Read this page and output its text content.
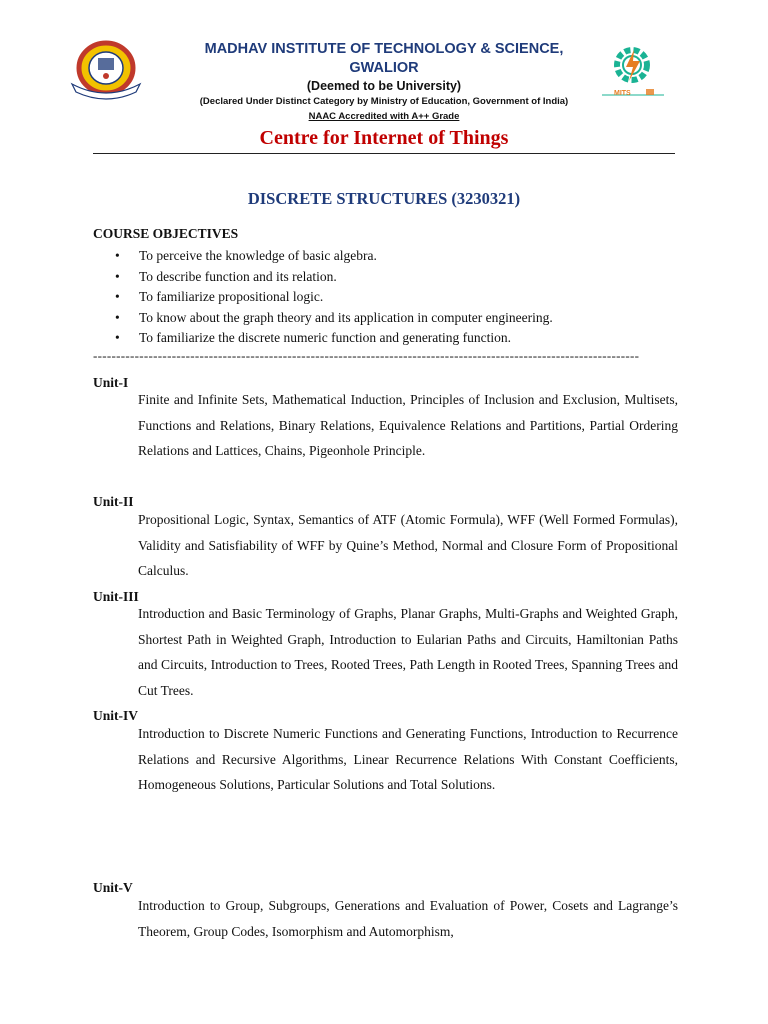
MADHAV INSTITUTE OF TECHNOLOGY & SCIENCE,
GWALIOR
(Deemed to be University)
(Declared Under Distinct Category by Ministry of Education, Government of India)
NAAC Accredited with A++ Grade
MITS
Centre for Internet of Things
DISCRETE STRUCTURES (3230321)
COURSE OBJECTIVES
• To perceive the knowledge of basic algebra.
• To describe function and its relation.
• To familiarize propositional logic.
• To know about the graph theory and its application in computer engineering.
• To familiarize the discrete numeric function and generating function.
----------------------------------------------------------------------------------------------------------------------
Unit-I
Finite and Infinite Sets, Mathematical Induction, Principles of Inclusion and Exclusion, Multisets, Functions and Relations, Binary Relations, Equivalence Relations and Partitions, Partial Ordering Relations and Lattices, Chains, Pigeonhole Principle.
Unit-II
Propositional Logic, Syntax, Semantics of ATF (Atomic Formula), WFF (Well Formed Formulas), Validity and Satisfiability of WFF by Quine’s Method, Normal and Closure Form of Propositional Calculus.
Unit-III
Introduction and Basic Terminology of Graphs, Planar Graphs, Multi-Graphs and Weighted Graph, Shortest Path in Weighted Graph, Introduction to Eularian Paths and Circuits, Hamiltonian Paths and Circuits, Introduction to Trees, Rooted Trees, Path Length in Rooted Trees, Spanning Trees and Cut Trees.
Unit-IV
Introduction to Discrete Numeric Functions and Generating Functions, Introduction to Recurrence Relations and Recursive Algorithms, Linear Recurrence Relations With Constant Coefficients, Homogeneous Solutions, Particular Solutions and Total Solutions.
Unit-V
Introduction to Group, Subgroups, Generations and Evaluation of Power, Cosets and Lagrange’s Theorem, Group Codes, Isomorphism and Automorphism,
